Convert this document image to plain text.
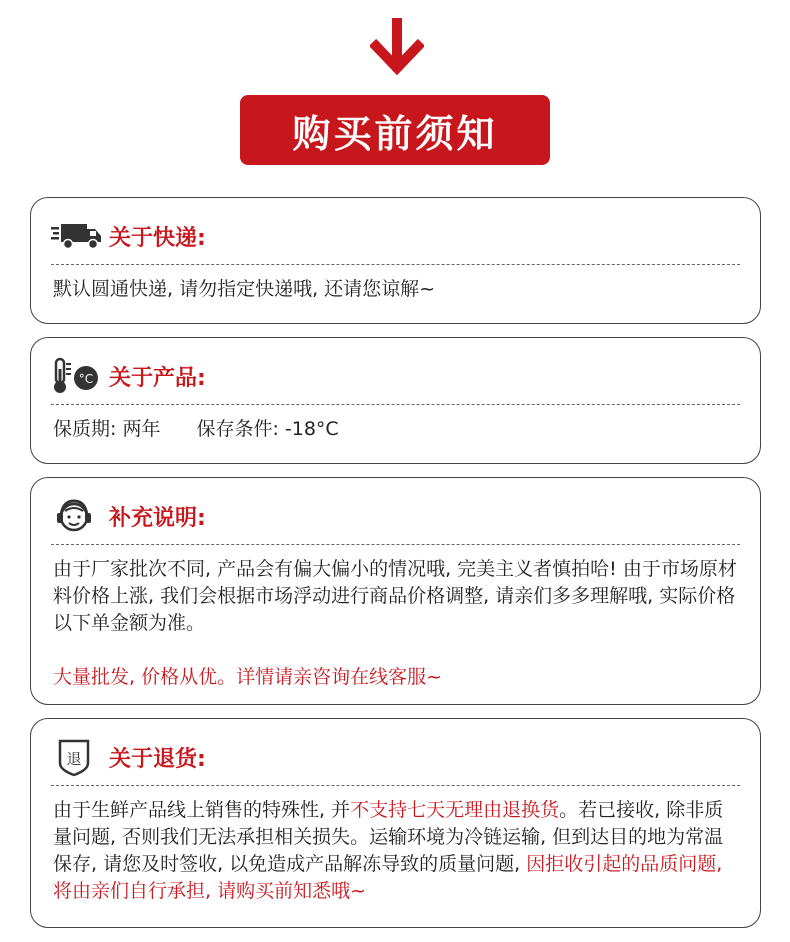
购买前须知
关于快递:
默认圆通快递, 请勿指定快递哦, 还请您谅解~
°C 关于产品:
保质期: 两年 保存条件: -18°C
补充说明:
由于厂家批次不同, 产品会有偏大偏小的情况哦, 完美主义者慎拍哈! 由于市场原材料价格上涨, 我们会根据市场浮动进行商品价格调整, 请亲们多多理解哦, 实际价格以下单金额为准。
大量批发, 价格从优。详情请亲咨询在线客服~
退 关于退货:
由于生鲜产品线上销售的特殊性, 并不支持七天无理由退换货。若已接收, 除非质量问题, 否则我们无法承担相关损失。运输环境为冷链运输, 但到达目的地为常温保存, 请您及时签收, 以免造成产品解冻导致的质量问题, 因拒收引起的品质问题, 将由亲们自行承担, 请购买前知悉哦~
